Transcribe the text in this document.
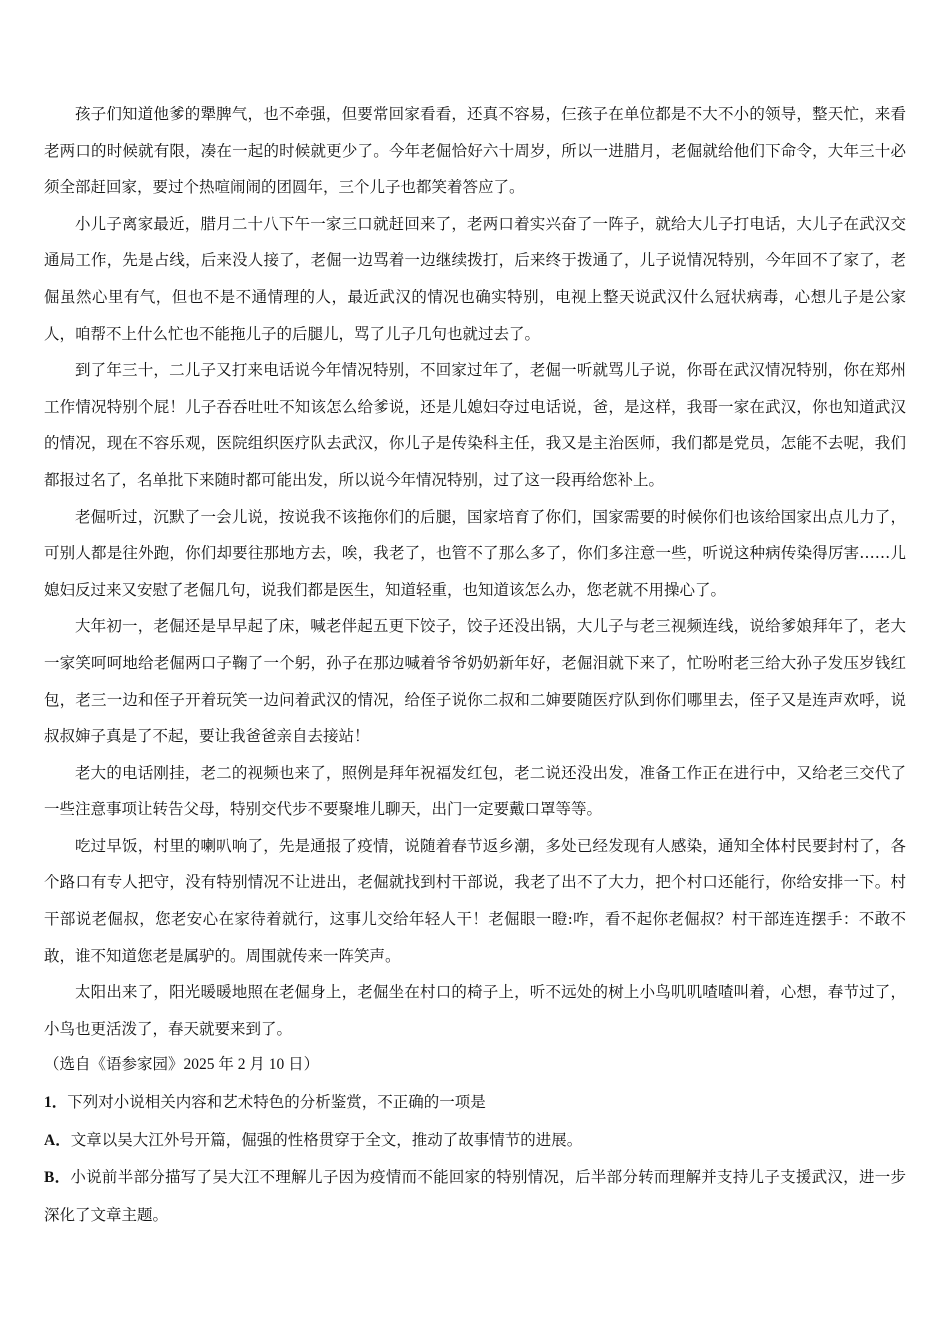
孩子们知道他爹的犟脾气，也不牵强，但要常回家看看，还真不容易，仨孩子在单位都是不大不小的领导，整天忙，来看老两口的时候就有限，凑在一起的时候就更少了。今年老倔恰好六十周岁，所以一进腊月，老倔就给他们下命令，大年三十必须全部赶回家，要过个热喧闹闹的团圆年，三个儿子也都笑着答应了。

小儿子离家最近，腊月二十八下午一家三口就赶回来了，老两口着实兴奋了一阵子，就给大儿子打电话，大儿子在武汉交通局工作，先是占线，后来没人接了，老倔一边骂着一边继续拨打，后来终于拨通了，儿子说情况特别，今年回不了家了，老倔虽然心里有气，但也不是不通情理的人，最近武汉的情况也确实特别，电视上整天说武汉什么冠状病毒，心想儿子是公家人，咱帮不上什么忙也不能拖儿子的后腿儿，骂了儿子几句也就过去了。

到了年三十，二儿子又打来电话说今年情况特别，不回家过年了，老倔一听就骂儿子说，你哥在武汉情况特别，你在郑州工作情况特别个屁！儿子吞吞吐吐不知该怎么给爹说，还是儿媳妇夺过电话说，爸，是这样，我哥一家在武汉，你也知道武汉的情况，现在不容乐观，医院组织医疗队去武汉，你儿子是传染科主任，我又是主治医师，我们都是党员，怎能不去呢，我们都报过名了，名单批下来随时都可能出发，所以说今年情况特别，过了这一段再给您补上。

老倔听过，沉默了一会儿说，按说我不该拖你们的后腿，国家培育了你们，国家需要的时候你们也该给国家出点儿力了，可别人都是往外跑，你们却要往那地方去，唉，我老了，也管不了那么多了，你们多注意一些，听说这种病传染得厉害……儿媳妇反过来又安慰了老倔几句，说我们都是医生，知道轻重，也知道该怎么办，您老就不用操心了。

大年初一，老倔还是早早起了床，喊老伴起五更下饺子，饺子还没出锅，大儿子与老三视频连线，说给爹娘拜年了，老大一家笑呵呵地给老倔两口子鞠了一个躬，孙子在那边喊着爷爷奶奶新年好，老倔泪就下来了，忙吩咐老三给大孙子发压岁钱红包，老三一边和侄子开着玩笑一边问着武汉的情况，给侄子说你二叔和二婶要随医疗队到你们哪里去，侄子又是连声欢呼，说叔叔婶子真是了不起，要让我爸爸亲自去接站！

老大的电话刚挂，老二的视频也来了，照例是拜年祝福发红包，老二说还没出发，准备工作正在进行中，又给老三交代了一些注意事项让转告父母，特别交代步不要聚堆儿聊天，出门一定要戴口罩等等。

吃过早饭，村里的喇叭响了，先是通报了疫情，说随着春节返乡潮，多处已经发现有人感染，通知全体村民要封村了，各个路口有专人把守，没有特别情况不让进出，老倔就找到村干部说，我老了出不了大力，把个村口还能行，你给安排一下。村干部说老倔叔，您老安心在家待着就行，这事儿交给年轻人干！老倔眼一瞪:咋，看不起你老倔叔？村干部连连摆手：不敢不敢，谁不知道您老是属驴的。周围就传来一阵笑声。

太阳出来了，阳光暖暖地照在老倔身上，老倔坐在村口的椅子上，听不远处的树上小鸟叽叽喳喳叫着，心想，春节过了，小鸟也更活泼了，春天就要来到了。

（选自《语参家园》2025 年 2 月 10 日）

1．下列对小说相关内容和艺术特色的分析鉴赏，不正确的一项是

A．文章以吴大江外号开篇，倔强的性格贯穿于全文，推动了故事情节的进展。

B．小说前半部分描写了吴大江不理解儿子因为疫情而不能回家的特别情况，后半部分转而理解并支持儿子支援武汉，进一步深化了文章主题。
